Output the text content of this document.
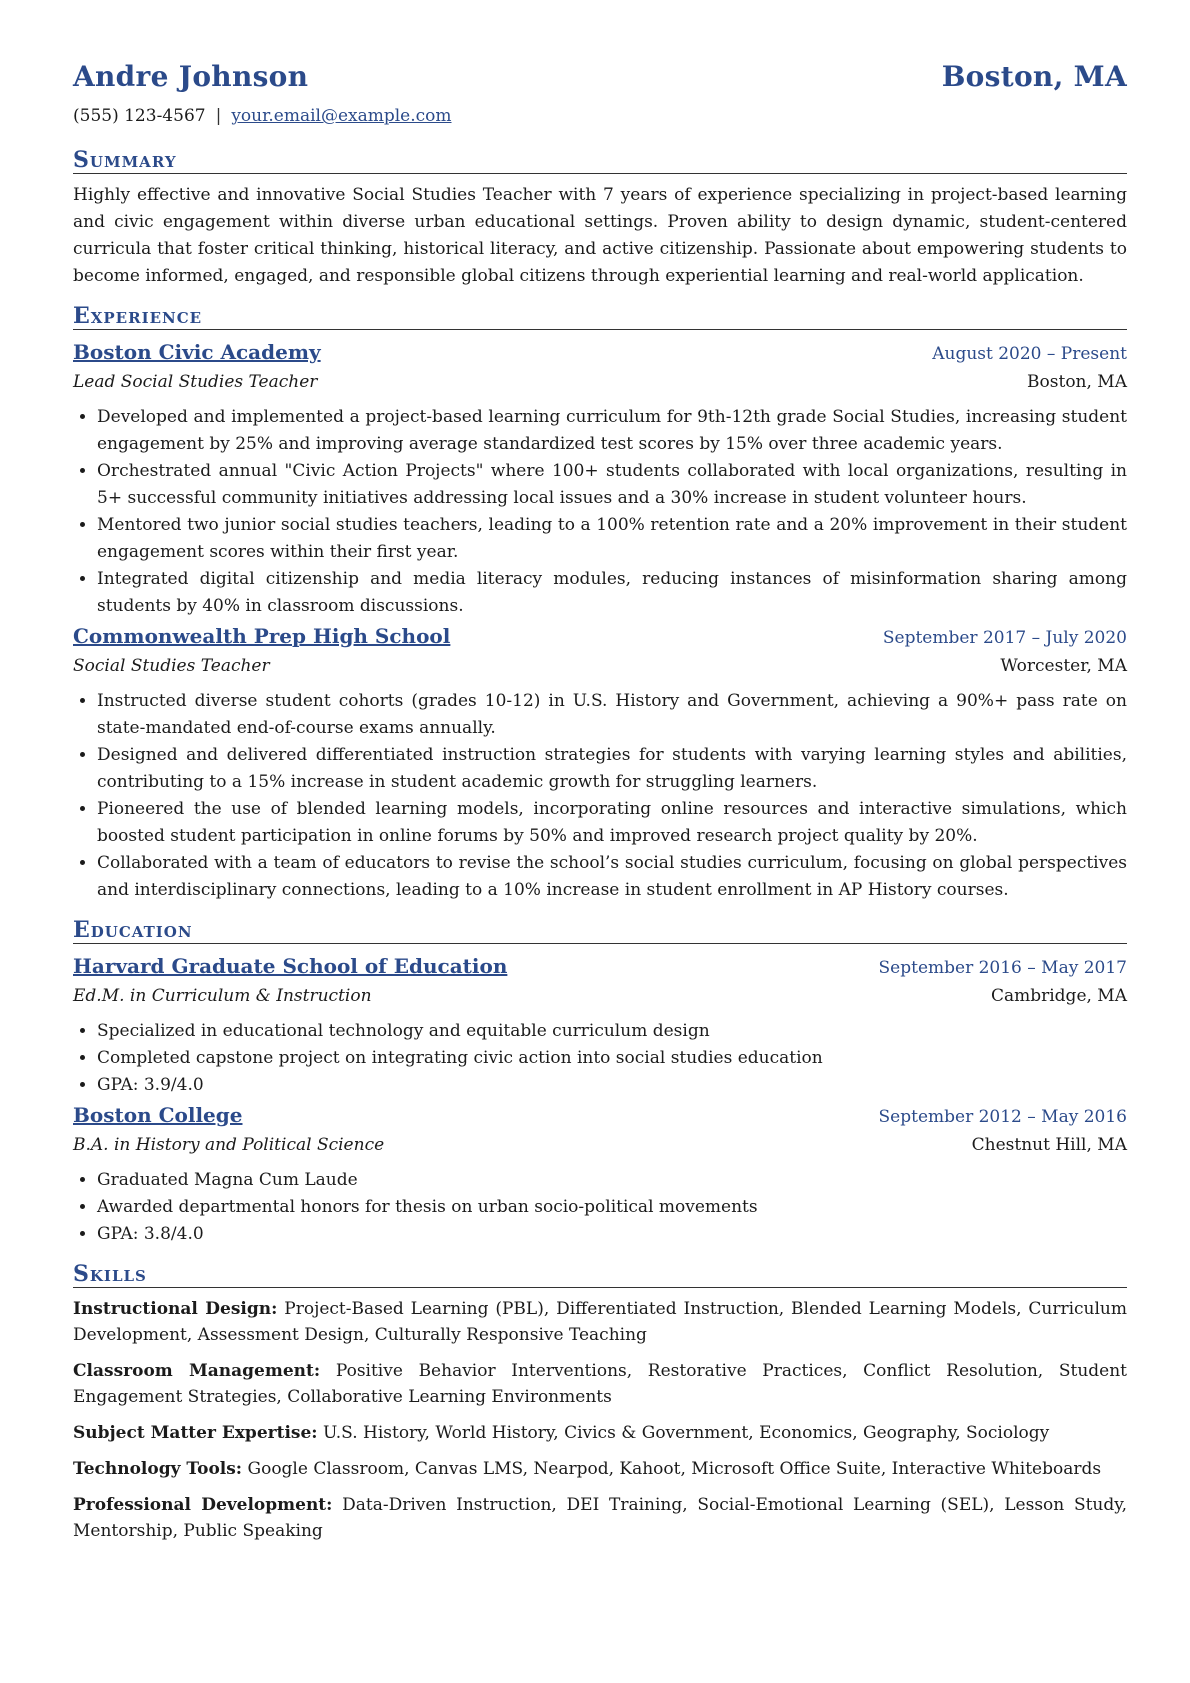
Andre Johnson	Boston, MA
(555) 123-4567 | your.email@example.com
Summary
Highly effective and innovative Social Studies Teacher with 7 years of experience specializing in project-based learning and civic engagement within diverse urban educational settings. Proven ability to design dynamic, student-centered curricula that foster critical thinking, historical literacy, and active citizenship. Passionate about empowering students to become informed, engaged, and responsible global citizens through experiential learning and real-world application.
Experience
Boston Civic Academy	August 2020 – Present
Lead Social Studies Teacher	Boston, MA
• Developed and implemented a project-based learning curriculum for 9th-12th grade Social Studies, increasing student engagement by 25% and improving average standardized test scores by 15% over three academic years.
• Orchestrated annual "Civic Action Projects" where 100+ students collaborated with local organizations, resulting in 5+ successful community initiatives addressing local issues and a 30% increase in student volunteer hours.
• Mentored two junior social studies teachers, leading to a 100% retention rate and a 20% improvement in their student engagement scores within their first year.
• Integrated digital citizenship and media literacy modules, reducing instances of misinformation sharing among students by 40% in classroom discussions.
Commonwealth Prep High School	September 2017 – July 2020
Social Studies Teacher	Worcester, MA
• Instructed diverse student cohorts (grades 10-12) in U.S. History and Government, achieving a 90%+ pass rate on state-mandated end-of-course exams annually.
• Designed and delivered differentiated instruction strategies for students with varying learning styles and abilities, contributing to a 15% increase in student academic growth for struggling learners.
• Pioneered the use of blended learning models, incorporating online resources and interactive simulations, which boosted student participation in online forums by 50% and improved research project quality by 20%.
• Collaborated with a team of educators to revise the school’s social studies curriculum, focusing on global perspectives and interdisciplinary connections, leading to a 10% increase in student enrollment in AP History courses.
Education
Harvard Graduate School of Education	September 2016 – May 2017
Ed.M. in Curriculum & Instruction	Cambridge, MA
• Specialized in educational technology and equitable curriculum design
• Completed capstone project on integrating civic action into social studies education
• GPA: 3.9/4.0
Boston College	September 2012 – May 2016
B.A. in History and Political Science	Chestnut Hill, MA
• Graduated Magna Cum Laude
• Awarded departmental honors for thesis on urban socio-political movements
• GPA: 3.8/4.0
Skills
Instructional Design: Project-Based Learning (PBL), Differentiated Instruction, Blended Learning Models, Curriculum Development, Assessment Design, Culturally Responsive Teaching
Classroom Management: Positive Behavior Interventions, Restorative Practices, Conflict Resolution, Student Engagement Strategies, Collaborative Learning Environments
Subject Matter Expertise: U.S. History, World History, Civics & Government, Economics, Geography, Sociology
Technology Tools: Google Classroom, Canvas LMS, Nearpod, Kahoot, Microsoft Office Suite, Interactive Whiteboards
Professional Development: Data-Driven Instruction, DEI Training, Social-Emotional Learning (SEL), Lesson Study, Mentorship, Public Speaking
